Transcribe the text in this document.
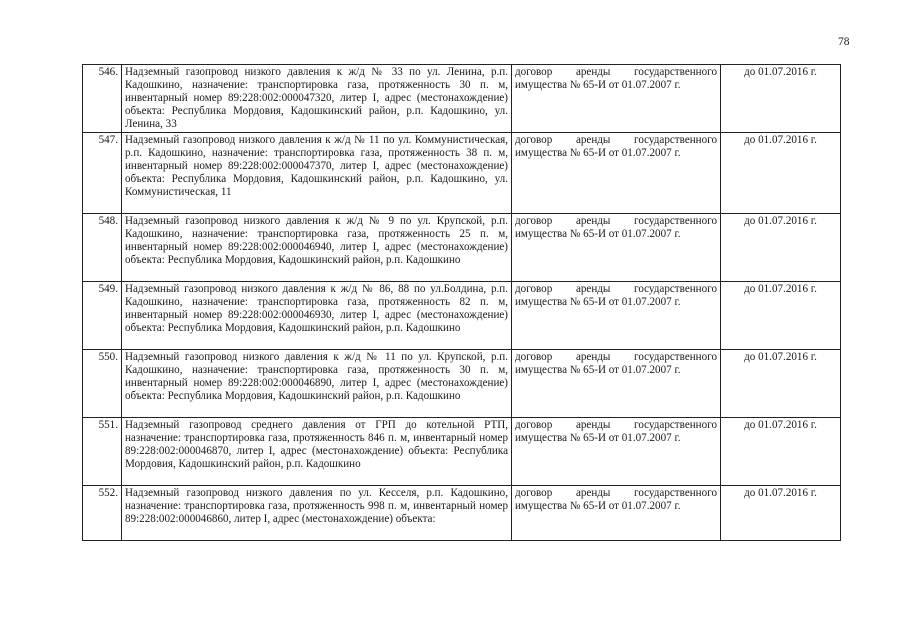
78
546.	Надземный газопровод низкого давления к ж/д № 33 по ул. Ленина, р.п. Кадошкино, назначение: транспортировка газа, протяженность 30 п. м, инвентарный номер 89:228:002:000047320, литер I, адрес (местонахождение) объекта: Республика Мордовия, Кадошкинский район, р.п. Кадошкино, ул. Ленина, 33	договор аренды государственного имущества № 65-И от 01.07.2007 г.	до 01.07.2016 г.
547.	Надземный газопровод низкого давления к ж/д № 11 по ул. Коммунистическая, р.п. Кадошкино, назначение: транспортировка газа, протяженность 38 п. м, инвентарный номер 89:228:002:000047370, литер I, адрес (местонахождение) объекта: Республика Мордовия, Кадошкинский район, р.п. Кадошкино, ул. Коммунистическая, 11	договор аренды государственного имущества № 65-И от 01.07.2007 г.	до 01.07.2016 г.
548.	Надземный газопровод низкого давления к ж/д № 9 по ул. Крупской, р.п. Кадошкино, назначение: транспортировка газа, протяженность 25 п. м, инвентарный номер 89:228:002:000046940, литер I, адрес (местонахождение) объекта: Республика Мордовия, Кадошкинский район, р.п. Кадошкино	договор аренды государственного имущества № 65-И от 01.07.2007 г.	до 01.07.2016 г.
549.	Надземный газопровод низкого давления к ж/д № 86, 88 по ул.Болдина, р.п. Кадошкино, назначение: транспортировка газа, протяженность 82 п. м, инвентарный номер 89:228:002:000046930, литер I, адрес (местонахождение) объекта: Республика Мордовия, Кадошкинский район, р.п. Кадошкино	договор аренды государственного имущества № 65-И от 01.07.2007 г.	до 01.07.2016 г.
550.	Надземный газопровод низкого давления к ж/д № 11 по ул. Крупской, р.п. Кадошкино, назначение: транспортировка газа, протяженность 30 п. м, инвентарный номер 89:228:002:000046890, литер I, адрес (местонахождение) объекта: Республика Мордовия, Кадошкинский район, р.п. Кадошкино	договор аренды государственного имущества № 65-И от 01.07.2007 г.	до 01.07.2016 г.
551.	Надземный газопровод среднего давления от ГРП до котельной РТП, назначение: транспортировка газа, протяженность 846 п. м, инвентарный номер 89:228:002:000046870, литер I, адрес (местонахождение) объекта: Республика Мордовия, Кадошкинский район, р.п. Кадошкино	договор аренды государственного имущества № 65-И от 01.07.2007 г.	до 01.07.2016 г.
552.	Надземный газопровод низкого давления по ул. Кесселя, р.п. Кадошкино, назначение: транспортировка газа, протяженность 998 п. м, инвентарный номер 89:228:002:000046860, литер I, адрес (местонахождение) объекта:	договор аренды государственного имущества № 65-И от 01.07.2007 г.	до 01.07.2016 г.
